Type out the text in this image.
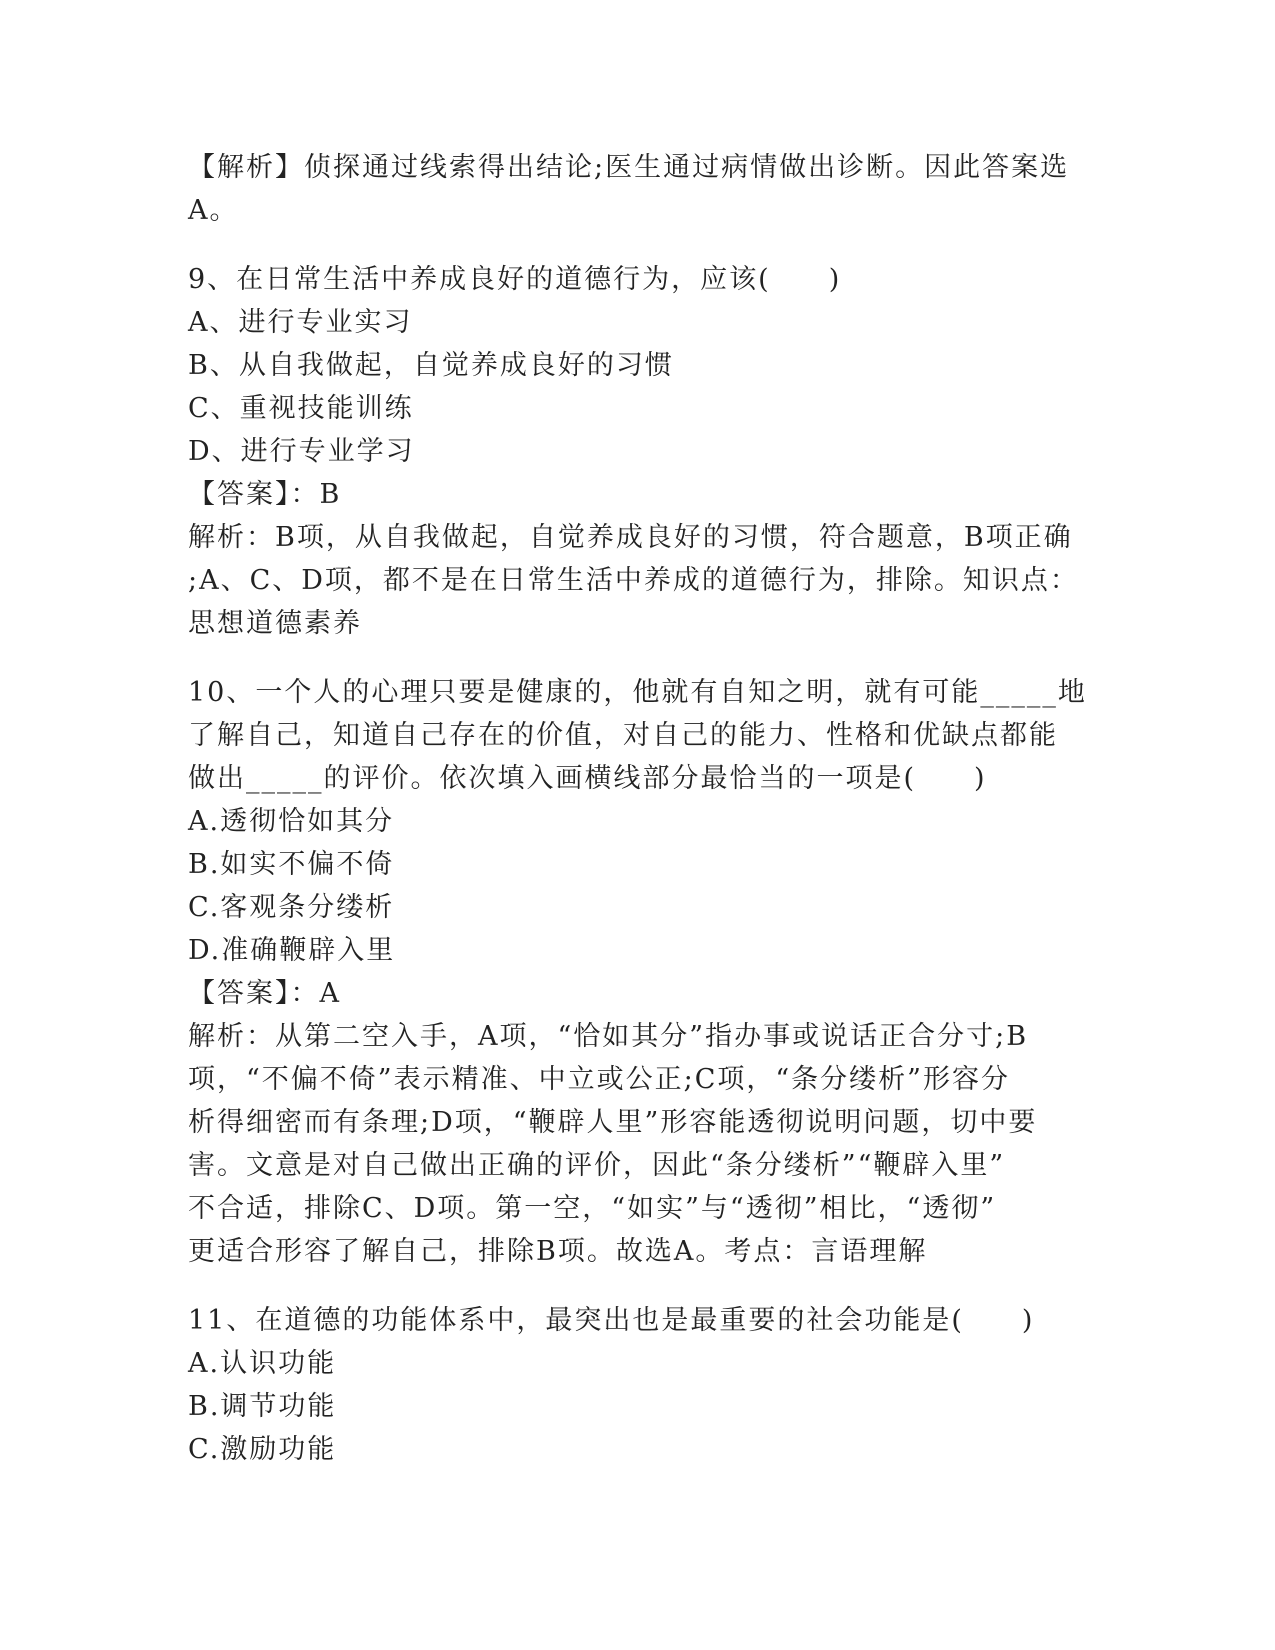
【解析】侦探通过线索得出结论;医生通过病情做出诊断。因此答案选
A。
9、在日常生活中养成良好的道德行为，应该(　　)
A、进行专业实习
B、从自我做起，自觉养成良好的习惯
C、重视技能训练
D、进行专业学习
【答案】：B
解析：B项，从自我做起，自觉养成良好的习惯，符合题意，B项正确
;A、C、D项，都不是在日常生活中养成的道德行为，排除。知识点：
思想道德素养
10、一个人的心理只要是健康的，他就有自知之明，就有可能_____地
了解自己，知道自己存在的价值，对自己的能力、性格和优缺点都能
做出_____的评价。依次填入画横线部分最恰当的一项是(　　)
A.透彻恰如其分
B.如实不偏不倚
C.客观条分缕析
D.准确鞭辟入里
【答案】：A
解析：从第二空入手，A项，“恰如其分”指办事或说话正合分寸;B
项，“不偏不倚”表示精准、中立或公正;C项，“条分缕析”形容分
析得细密而有条理;D项，“鞭辟人里”形容能透彻说明问题，切中要
害。文意是对自己做出正确的评价，因此“条分缕析”“鞭辟入里”
不合适，排除C、D项。第一空，“如实”与“透彻”相比，“透彻”
更适合形容了解自己，排除B项。故选A。考点：言语理解
11、在道德的功能体系中，最突出也是最重要的社会功能是(　　)
A.认识功能
B.调节功能
C.激励功能
